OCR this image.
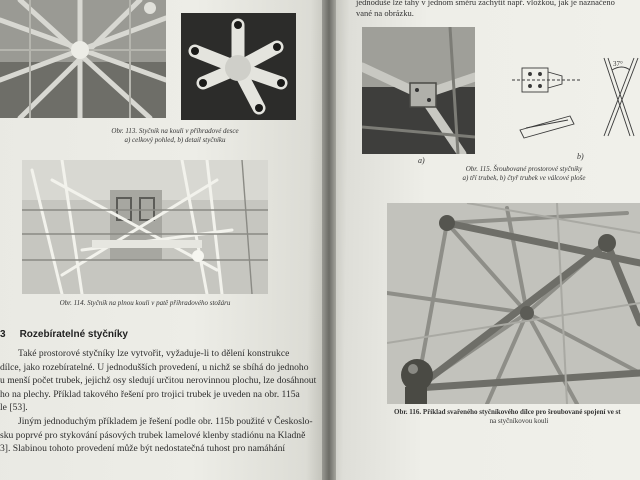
Obr. 113. Styčník na kouli v příhradové desce
a) celkový pohled, b) detail styčníku
Obr. 114. Styčník na plnou kouli v patě příhradového stožáru
3 Rozebíratelné styčníky
Také prostorové styčníky lze vytvořit, vyžaduje-li to dělení konstrukce
dílce, jako rozebíratelné. U jednodušších provedení, u nichž se sbíhá do jednoho
u menší počet trubek, jejichž osy sledují určitou nerovinnou plochu, lze dosáhnout
ho na plechy. Příklad takového řešení pro trojici trubek je uveden na obr. 115a
le [53].
Jiným jednoduchým příkladem je řešení podle obr. 115b použité v Českoslo-
sku poprvé pro stykování pásových trubek lamelové klenby stadiónu na Kladně
3]. Slabinou tohoto provedení může být nedostatečná tuhost pro namáhání
jednoduše lze tahy v jednom směru zachytit např. vložkou, jak je naznačeno
vané na obrázku.
37°
a)	b)
Obr. 115. Šroubované prostorové styčníky
a) tří trubek, b) čtyř trubek ve válcové ploše
Obr. 116. Příklad svařeného styčníkového dílce pro šroubované spojení ve st
na styčníkovou kouli
